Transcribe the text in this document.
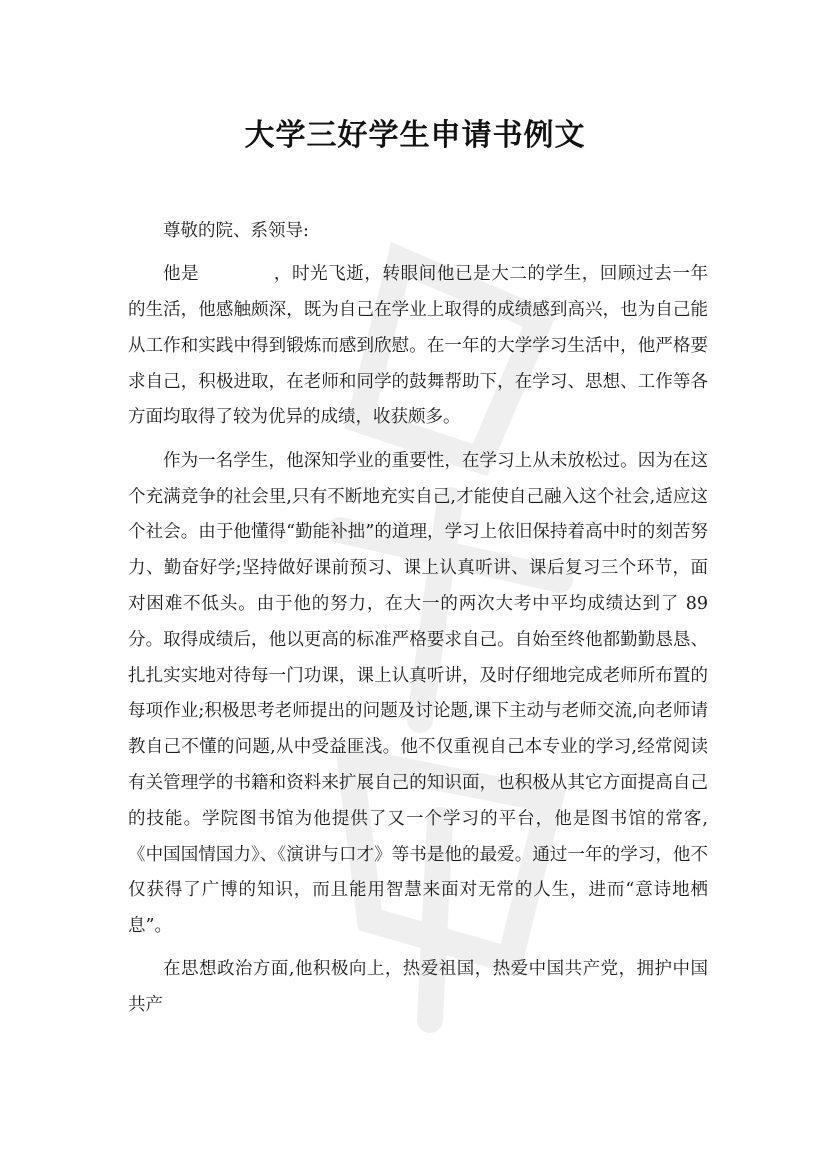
大学三好学生申请书例文

尊敬的院、系领导:

他是	，时光飞逝，转眼间他已是大二的学生，回顾过去一年的生活，他感触颇深，既为自己在学业上取得的成绩感到高兴，也为自己能从工作和实践中得到锻炼而感到欣慰。在一年的大学学习生活中，他严格要求自己，积极进取，在老师和同学的鼓舞帮助下，在学习、思想、工作等各方面均取得了较为优异的成绩，收获颇多。

作为一名学生，他深知学业的重要性，在学习上从未放松过。因为在这个充满竞争的社会里,只有不断地充实自己,才能使自己融入这个社会,适应这个社会。由于他懂得“勤能补拙”的道理，学习上依旧保持着高中时的刻苦努力、勤奋好学;坚持做好课前预习、课上认真听讲、课后复习三个环节，面对困难不低头。由于他的努力，在大一的两次大考中平均成绩达到了 89 分。取得成绩后，他以更高的标准严格要求自己。自始至终他都勤勤恳恳、扎扎实实地对待每一门功课，课上认真听讲，及时仔细地完成老师所布置的每项作业;积极思考老师提出的问题及讨论题,课下主动与老师交流,向老师请教自己不懂的问题,从中受益匪浅。他不仅重视自己本专业的学习,经常阅读有关管理学的书籍和资料来扩展自己的知识面，也积极从其它方面提高自己的技能。学院图书馆为他提供了又一个学习的平台，他是图书馆的常客,《中国国情国力》、《演讲与口才》等书是他的最爱。通过一年的学习，他不仅获得了广博的知识，而且能用智慧来面对无常的人生，进而“意诗地栖息”。

在思想政治方面,他积极向上，热爱祖国，热爱中国共产党，拥护中国共产
